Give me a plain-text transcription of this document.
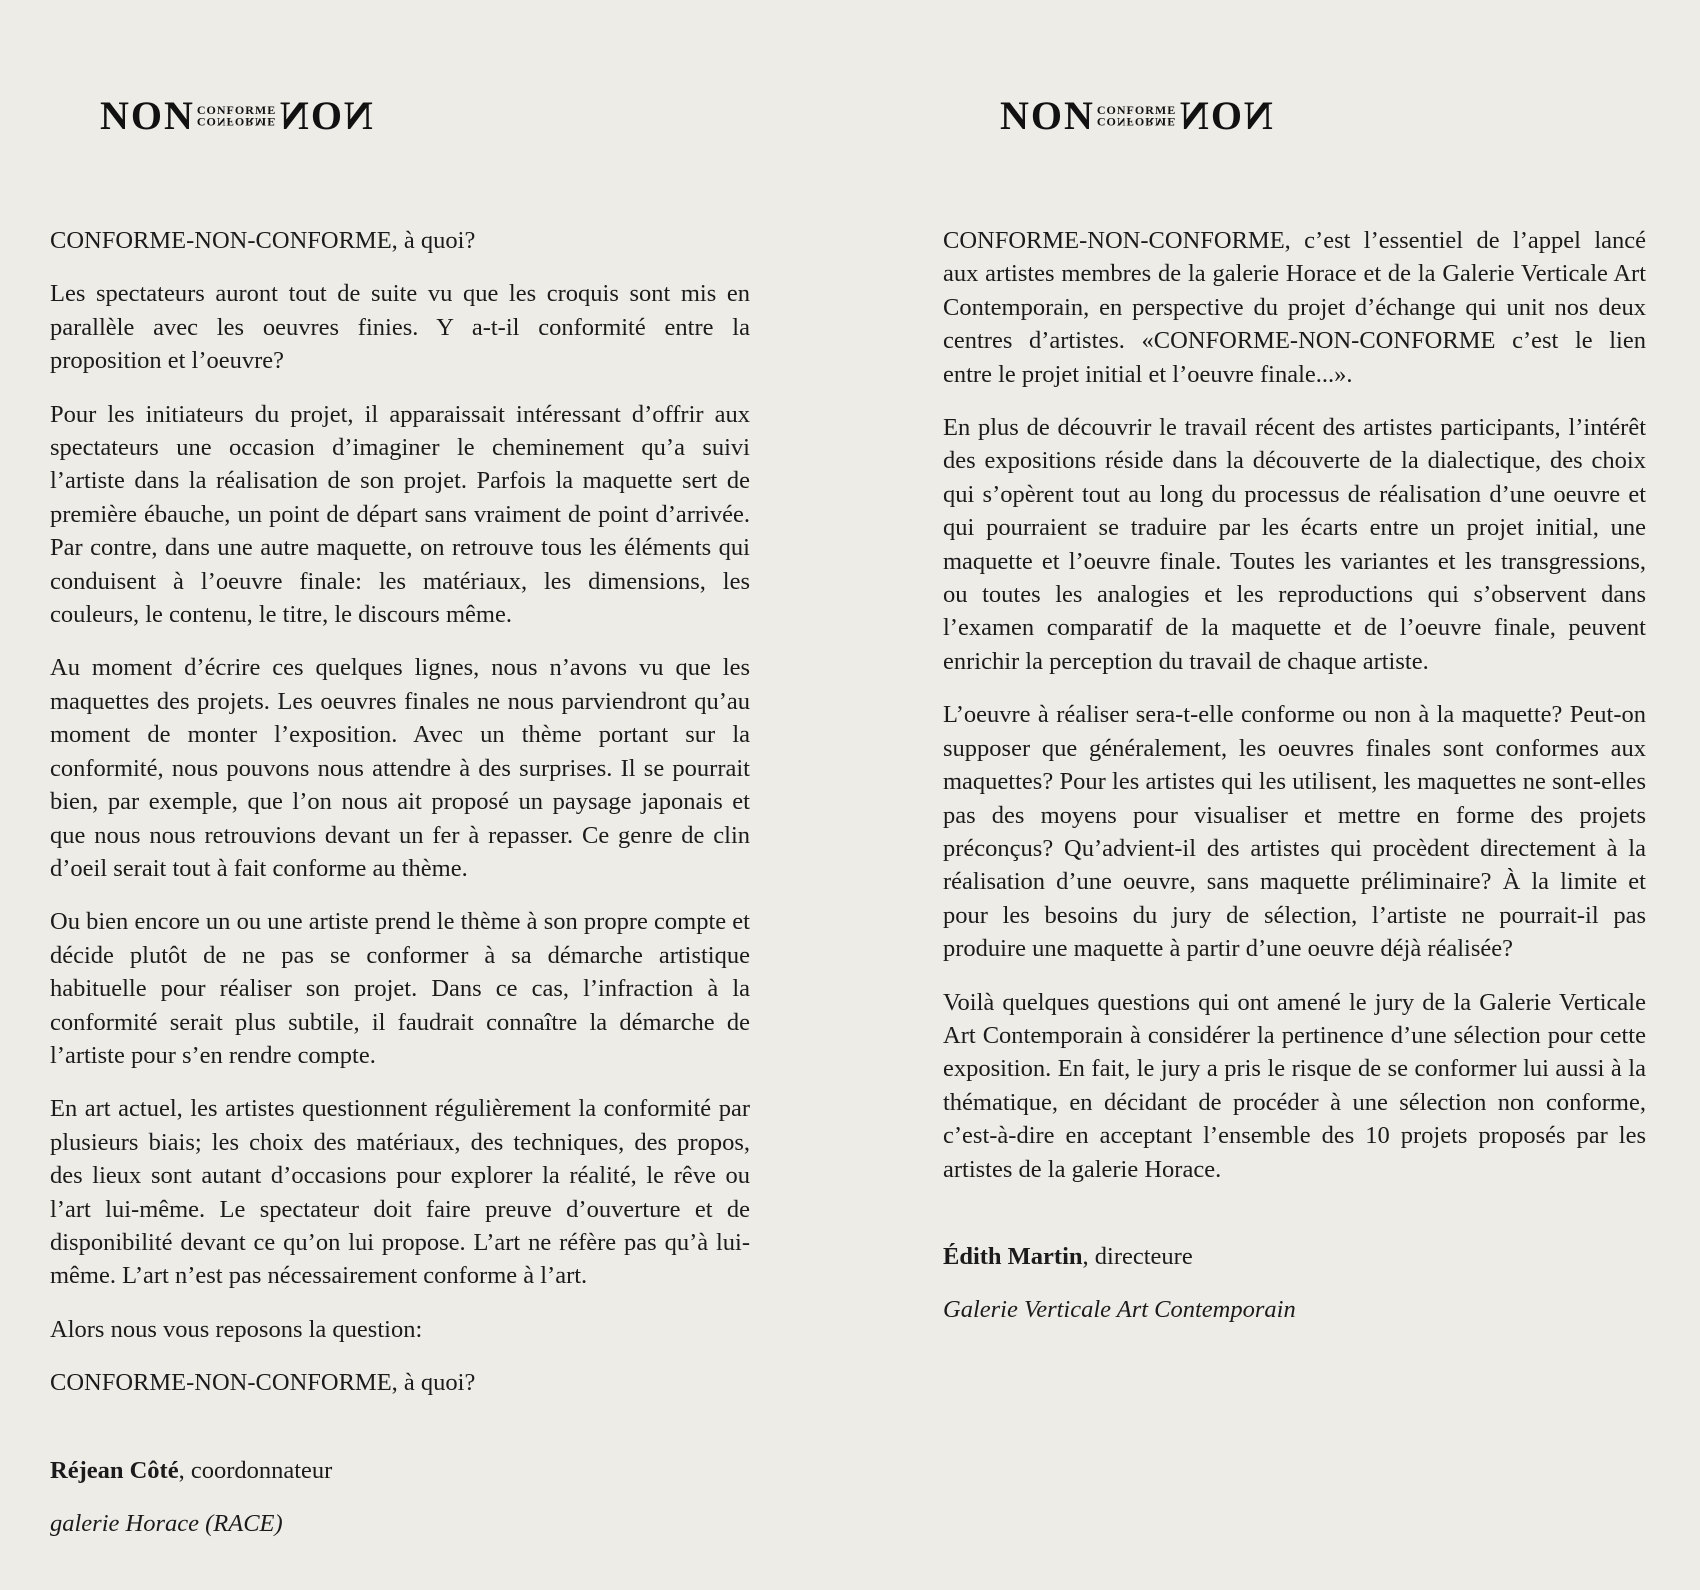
NON CONFORME
CONFORME NON

CONFORME-NON-CONFORME, à quoi?

Les spectateurs auront tout de suite vu que les croquis sont mis en parallèle avec les oeuvres finies. Y a-t-il conformité entre la proposition et l’oeuvre?

Pour les initiateurs du projet, il apparaissait intéressant d’offrir aux spectateurs une occasion d’imaginer le cheminement qu’a suivi l’artiste dans la réalisation de son projet. Parfois la maquette sert de première ébauche, un point de départ sans vraiment de point d’arrivée. Par contre, dans une autre maquette, on retrouve tous les éléments qui conduisent à l’oeuvre finale: les matériaux, les dimensions, les couleurs, le contenu, le titre, le discours même.

Au moment d’écrire ces quelques lignes, nous n’avons vu que les maquettes des projets. Les oeuvres finales ne nous parviendront qu’au moment de monter l’exposition. Avec un thème portant sur la conformité, nous pouvons nous attendre à des surprises. Il se pourrait bien, par exemple, que l’on nous ait proposé un paysage japonais et que nous nous retrouvions devant un fer à repasser. Ce genre de clin d’oeil serait tout à fait conforme au thème.

Ou bien encore un ou une artiste prend le thème à son propre compte et décide plutôt de ne pas se conformer à sa démarche artistique habituelle pour réaliser son projet. Dans ce cas, l’infraction à la conformité serait plus subtile, il faudrait connaître la démarche de l’artiste pour s’en rendre compte.

En art actuel, les artistes questionnent régulièrement la conformité par plusieurs biais; les choix des matériaux, des techniques, des propos, des lieux sont autant d’occasions pour explorer la réalité, le rêve ou l’art lui-même. Le spectateur doit faire preuve d’ouverture et de disponibilité devant ce qu’on lui propose. L’art ne réfère pas qu’à lui-même. L’art n’est pas nécessairement conforme à l’art.

Alors nous vous reposons la question:

CONFORME-NON-CONFORME, à quoi?

Réjean Côté, coordonnateur

galerie Horace (RACE)

NON CONFORME
CONFORME NON

CONFORME-NON-CONFORME, c’est l’essentiel de l’appel lancé aux artistes membres de la galerie Horace et de la Galerie Verticale Art Contemporain, en perspective du projet d’échange qui unit nos deux centres d’artistes. «CONFORME-NON-CONFORME c’est le lien entre le projet initial et l’oeuvre finale...».

En plus de découvrir le travail récent des artistes participants, l’intérêt des expositions réside dans la découverte de la dialectique, des choix qui s’opèrent tout au long du processus de réalisation d’une oeuvre et qui pourraient se traduire par les écarts entre un projet initial, une maquette et l’oeuvre finale. Toutes les variantes et les transgressions, ou toutes les analogies et les reproductions qui s’observent dans l’examen comparatif de la maquette et de l’oeuvre finale, peuvent enrichir la perception du travail de chaque artiste.

L’oeuvre à réaliser sera-t-elle conforme ou non à la maquette? Peut-on supposer que généralement, les oeuvres finales sont conformes aux maquettes? Pour les artistes qui les utilisent, les maquettes ne sont-elles pas des moyens pour visualiser et mettre en forme des projets préconçus? Qu’advient-il des artistes qui procèdent directement à la réalisation d’une oeuvre, sans maquette préliminaire? À la limite et pour les besoins du jury de sélection, l’artiste ne pourrait-il pas produire une maquette à partir d’une oeuvre déjà réalisée?

Voilà quelques questions qui ont amené le jury de la Galerie Verticale Art Contemporain à considérer la pertinence d’une sélection pour cette exposition. En fait, le jury a pris le risque de se conformer lui aussi à la thématique, en décidant de procéder à une sélection non conforme, c’est-à-dire en acceptant l’ensemble des 10 projets proposés par les artistes de la galerie Horace.

Édith Martin, directeure

Galerie Verticale Art Contemporain
